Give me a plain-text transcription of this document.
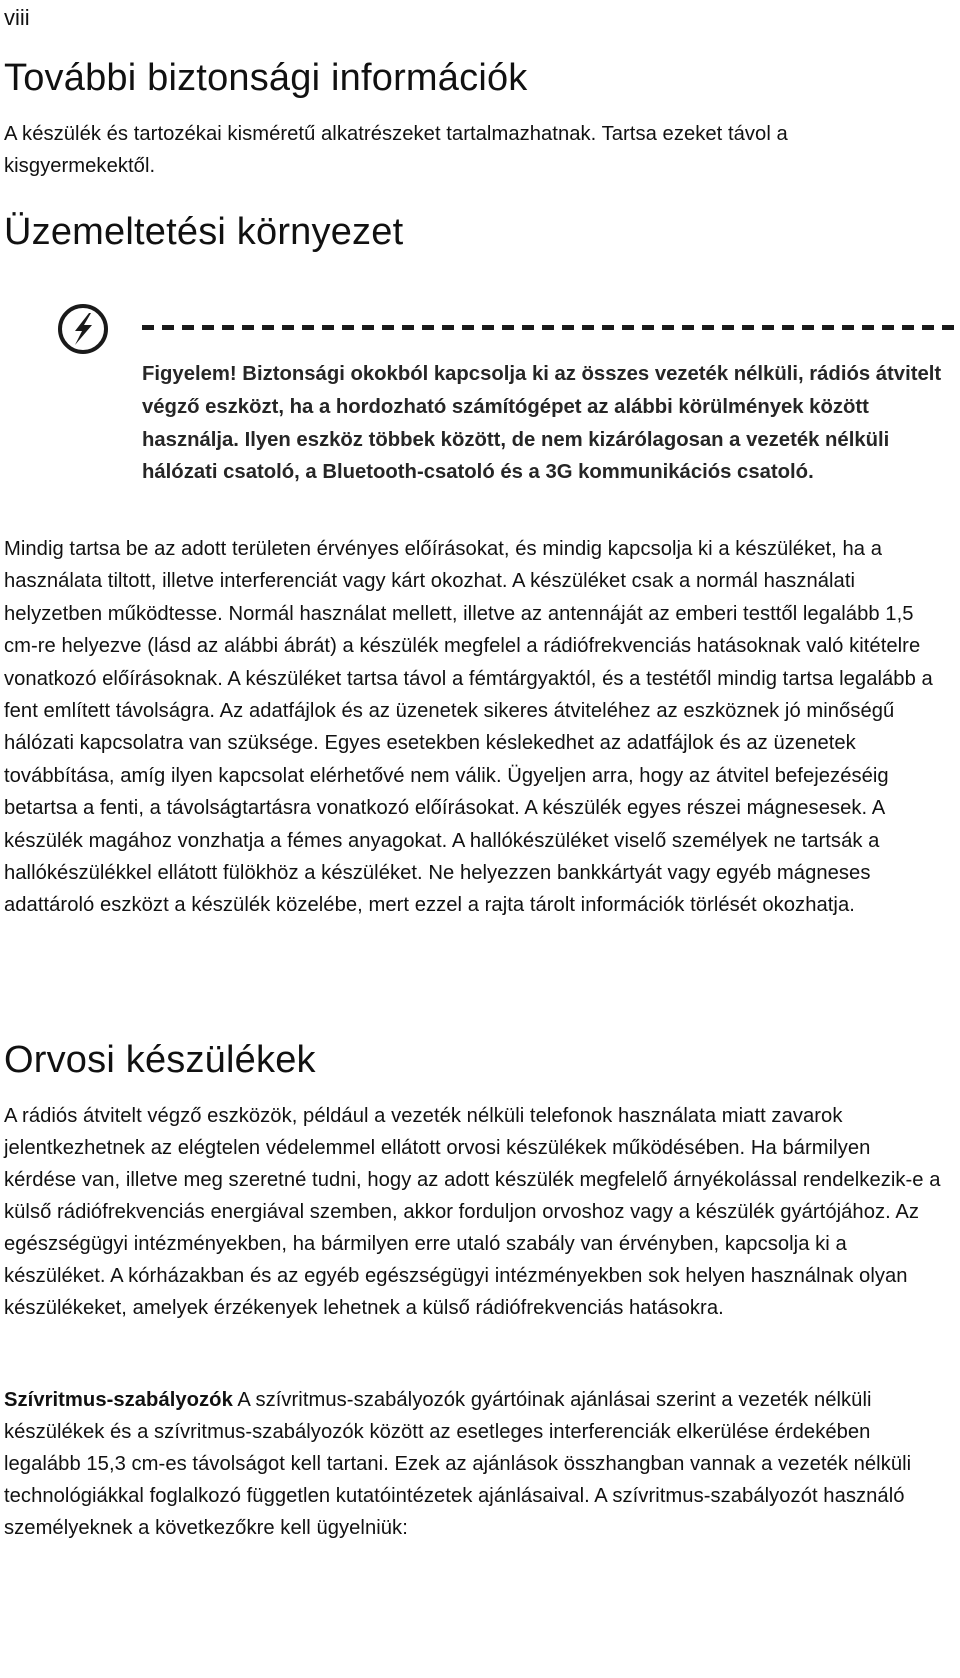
viii
További biztonsági információk

A készülék és tartozékai kisméretű alkatrészeket tartalmazhatnak. Tartsa ezeket távol a kisgyermekektől.

Üzemeltetési környezet

Figyelem! Biztonsági okokból kapcsolja ki az összes vezeték nélküli, rádiós átvitelt végző eszközt, ha a hordozható számítógépet az alábbi körülmények között használja. Ilyen eszköz többek között, de nem kizárólagosan a vezeték nélküli hálózati csatoló, a Bluetooth-csatoló és a 3G kommunikációs csatoló.

Mindig tartsa be az adott területen érvényes előírásokat, és mindig kapcsolja ki a készüléket, ha a használata tiltott, illetve interferenciát vagy kárt okozhat. A készüléket csak a normál használati helyzetben működtesse. Normál használat mellett, illetve az antennáját az emberi testtől legalább 1,5 cm-re helyezve (lásd az alábbi ábrát) a készülék megfelel a rádiófrekvenciás hatásoknak való kitételre vonatkozó előírásoknak. A készüléket tartsa távol a fémtárgyaktól, és a testétől mindig tartsa legalább a fent említett távolságra. Az adatfájlok és az üzenetek sikeres átviteléhez az eszköznek jó minőségű hálózati kapcsolatra van szüksége. Egyes esetekben késlekedhet az adatfájlok és az üzenetek továbbítása, amíg ilyen kapcsolat elérhetővé nem válik. Ügyeljen arra, hogy az átvitel befejezéséig betartsa a fenti, a távolságtartásra vonatkozó előírásokat. A készülék egyes részei mágnesesek. A készülék magához vonzhatja a fémes anyagokat. A hallókészüléket viselő személyek ne tartsák a hallókészülékkel ellátott fülökhöz a készüléket. Ne helyezzen bankkártyát vagy egyéb mágneses adattároló eszközt a készülék közelébe, mert ezzel a rajta tárolt információk törlését okozhatja.

Orvosi készülékek

A rádiós átvitelt végző eszközök, például a vezeték nélküli telefonok használata miatt zavarok jelentkezhetnek az elégtelen védelemmel ellátott orvosi készülékek működésében. Ha bármilyen kérdése van, illetve meg szeretné tudni, hogy az adott készülék megfelelő árnyékolással rendelkezik-e a külső rádiófrekvenciás energiával szemben, akkor forduljon orvoshoz vagy a készülék gyártójához. Az egészségügyi intézményekben, ha bármilyen erre utaló szabály van érvényben, kapcsolja ki a készüléket. A kórházakban és az egyéb egészségügyi intézményekben sok helyen használnak olyan készülékeket, amelyek érzékenyek lehetnek a külső rádiófrekvenciás hatásokra.

Szívritmus-szabályozók A szívritmus-szabályozók gyártóinak ajánlásai szerint a vezeték nélküli készülékek és a szívritmus-szabályozók között az esetleges interferenciák elkerülése érdekében legalább 15,3 cm-es távolságot kell tartani. Ezek az ajánlások összhangban vannak a vezeték nélküli technológiákkal foglalkozó független kutatóintézetek ajánlásaival. A szívritmus-szabályozót használó személyeknek a következőkre kell ügyelniük:
